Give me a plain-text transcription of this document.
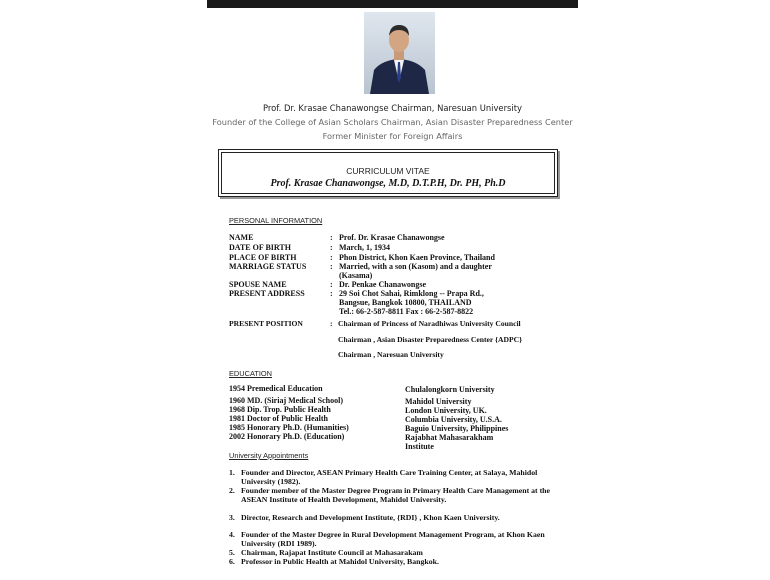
Prof. Dr. Krasae Chanawongse Chairman, Naresuan University
Founder of the College of Asian Scholars Chairman, Asian Disaster Preparedness Center
Former Minister for Foreign Affairs
CURRICULUM VITAE
Prof. Krasae Chanawongse, M.D, D.T.P.H, Dr. PH, Ph.D
PERSONAL INFORMATION
NAME	: Prof. Dr. Krasae Chanawongse
DATE OF BIRTH	: March, 1, 1934
PLACE OF BIRTH	: Phon District, Khon Kaen Province, Thailand
MARRIAGE STATUS	: Married, with a son (Kasom) and a daughter
(Kasama)
SPOUSE NAME	: Dr. Penkae Chanawongse
PRESENT ADDRESS	: 29 Soi Chot Sahai, Rimklong -- Prapa Rd.,
Bangsue, Bangkok 10800, THAILAND
Tel.: 66-2-587-8811 Fax : 66-2-587-8822
PRESENT POSITION	: Chairman of Princess of Naradhiwas University Council
Chairman , Asian Disaster Preparedness Center {ADPC}
Chairman , Naresuan University
EDUCATION
1954 Premedical Education	Chulalongkorn University
1960 MD. (Siriaj Medical School)	Mahidol University
1968 Dip. Trop. Public Health	London University, UK.
1981 Doctor of Public Health	Columbia University, U.S.A.
1985 Honorary Ph.D. (Humanities)	Baguio University, Philippines
2002 Honorary Ph.D. (Education)	Rajabhat Mahasarakham
Institute
University Appointments
1. Founder and Director, ASEAN Primary Health Care Training Center, at Salaya, Mahidol University (1982).
2. Founder member of the Master Degree Program in Primary Health Care Management at the ASEAN Institute of Health Development, Mahidol University.
3. Director, Research and Development Institute, {RDI} , Khon Kaen University.
4. Founder of the Master Degree in Rural Development Management Program, at Khon Kaen University (RDI 1989).
5. Chairman, Rajapat Institute Council at Mahasarakam
6. Professor in Public Health at Mahidol University, Bangkok.
